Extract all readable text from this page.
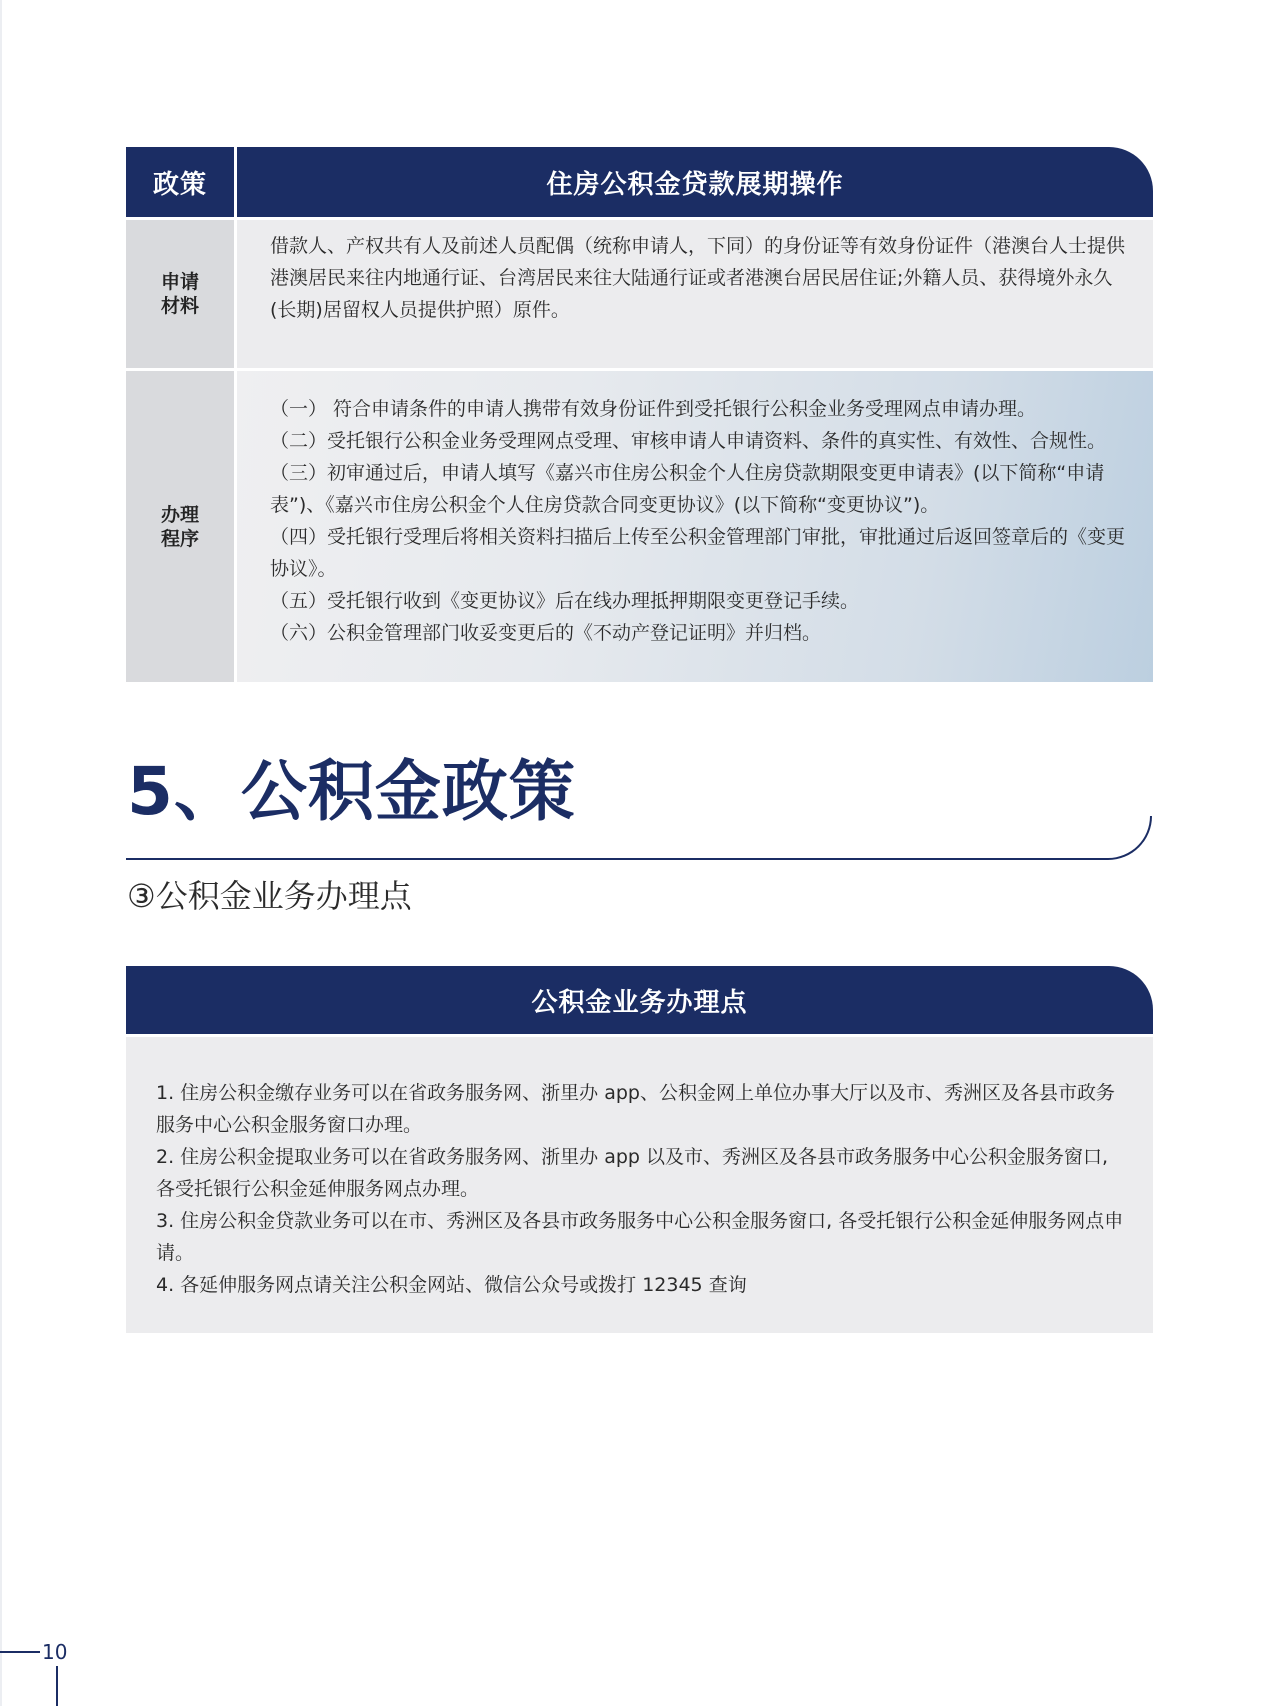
政策	住房公积金贷款展期操作
申请材料
借款人、产权共有人及前述人员配偶（统称申请人，下同）的身份证等有效身份证件（港澳台人士提供港澳居民来往内地通行证、台湾居民来往大陆通行证或者港澳台居民居住证;外籍人员、获得境外永久(长期)居留权人员提供护照）原件。
办理程序
（一） 符合申请条件的申请人携带有效身份证件到受托银行公积金业务受理网点申请办理。
（二）受托银行公积金业务受理网点受理、审核申请人申请资料、条件的真实性、有效性、合规性。
（三）初审通过后，申请人填写《嘉兴市住房公积金个人住房贷款期限变更申请表》(以下简称“申请表”)、《嘉兴市住房公积金个人住房贷款合同变更协议》(以下简称“变更协议”)。
（四）受托银行受理后将相关资料扫描后上传至公积金管理部门审批，审批通过后返回签章后的《变更协议》。
（五）受托银行收到《变更协议》后在线办理抵押期限变更登记手续。
（六）公积金管理部门收妥变更后的《不动产登记证明》并归档。
5、公积金政策
③公积金业务办理点
公积金业务办理点
1. 住房公积金缴存业务可以在省政务服务网、浙里办 app、公积金网上单位办事大厅以及市、秀洲区及各县市政务服务中心公积金服务窗口办理。
2. 住房公积金提取业务可以在省政务服务网、浙里办 app 以及市、秀洲区及各县市政务服务中心公积金服务窗口, 各受托银行公积金延伸服务网点办理。
3. 住房公积金贷款业务可以在市、秀洲区及各县市政务服务中心公积金服务窗口, 各受托银行公积金延伸服务网点申请。
4. 各延伸服务网点请关注公积金网站、微信公众号或拨打 12345 查询
10
